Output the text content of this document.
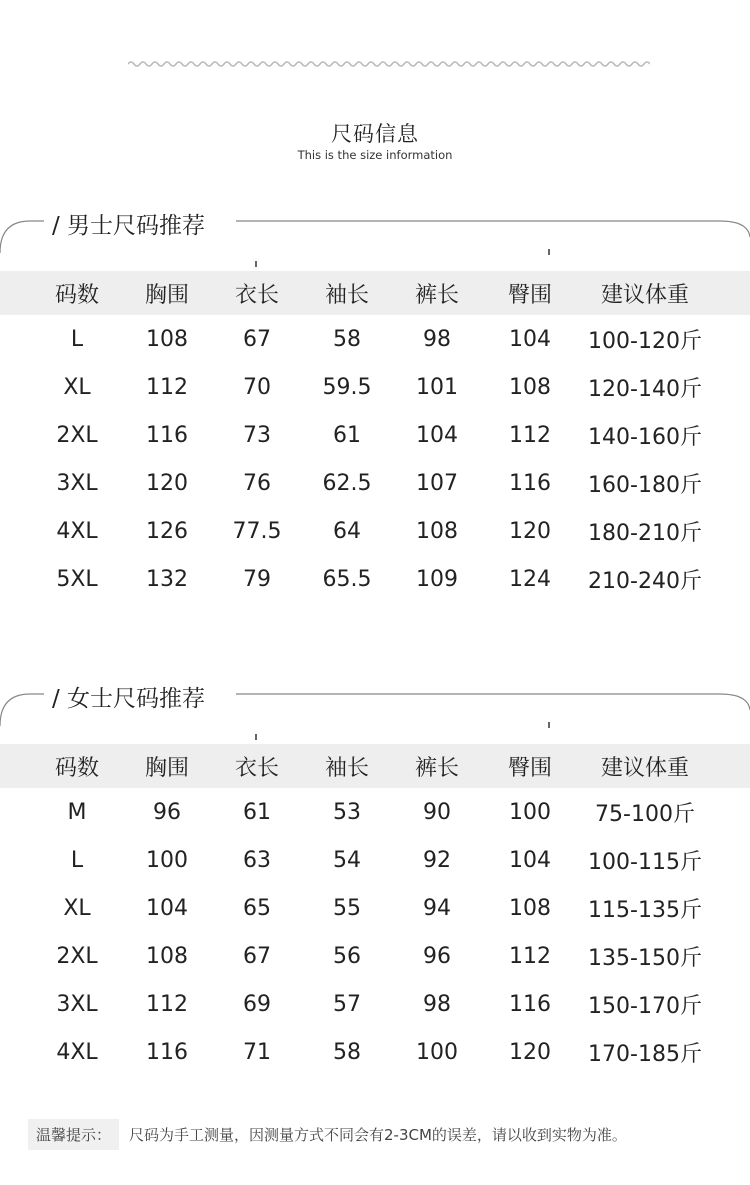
尺码信息
This is the size information
/ 男士尺码推荐
码数	胸围	衣长	袖长	裤长	臀围	建议体重
L	108	67	58	98	104	100-120斤
XL	112	70	59.5	101	108	120-140斤
2XL	116	73	61	104	112	140-160斤
3XL	120	76	62.5	107	116	160-180斤
4XL	126	77.5	64	108	120	180-210斤
5XL	132	79	65.5	109	124	210-240斤
/ 女士尺码推荐
码数	胸围	衣长	袖长	裤长	臀围	建议体重
M	96	61	53	90	100	75-100斤
L	100	63	54	92	104	100-115斤
XL	104	65	55	94	108	115-135斤
2XL	108	67	56	96	112	135-150斤
3XL	112	69	57	98	116	150-170斤
4XL	116	71	58	100	120	170-185斤
温馨提示：	尺码为手工测量，因测量方式不同会有2-3CM的误差，请以收到实物为准。
